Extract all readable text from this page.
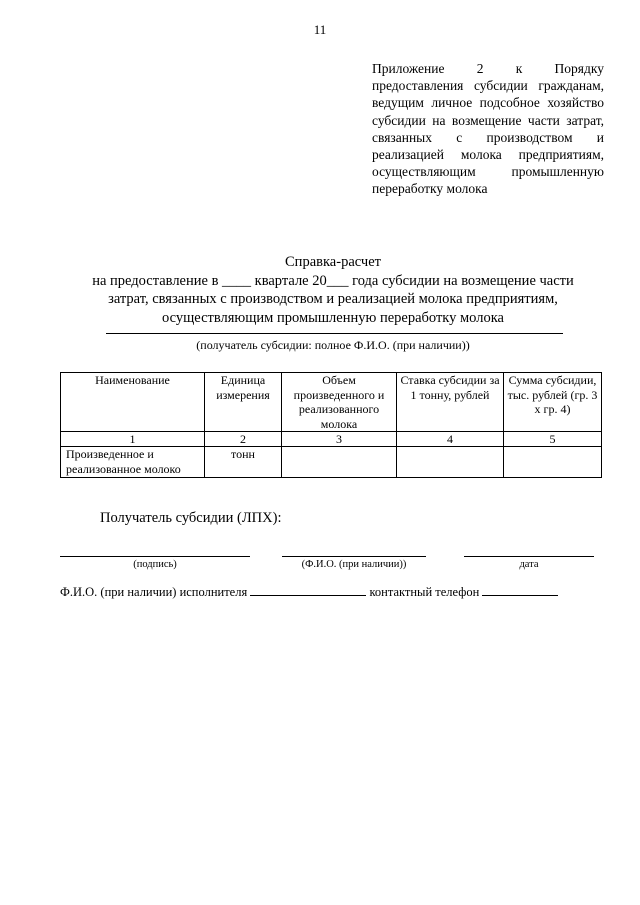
11
Приложение 2 к Порядку предоставления субсидии гражданам, ведущим личное подсобное хозяйство субсидии на возмещение части затрат, связанных с производством и реализацией молока предприятиям, осуществляющим промышленную переработку молока
Справка-расчет
на предоставление в ____ квартале 20___ года субсидии на возмещение части
затрат, связанных с производством и реализацией молока предприятиям,
осуществляющим промышленную переработку молока
(получатель субсидии: полное Ф.И.О. (при наличии))
Наименование	Единица измерения	Объем произведенного и реализованного молока	Ставка субсидии за 1 тонну, рублей	Сумма субсидии, тыс. рублей (гр. 3 х гр. 4)
1	2	3	4	5
Произведенное и реализованное молоко	тонн			
Получатель субсидии (ЛПХ):
(подпись)	(Ф.И.О. (при наличии))	дата
Ф.И.О. (при наличии) исполнителя	контактный телефон
